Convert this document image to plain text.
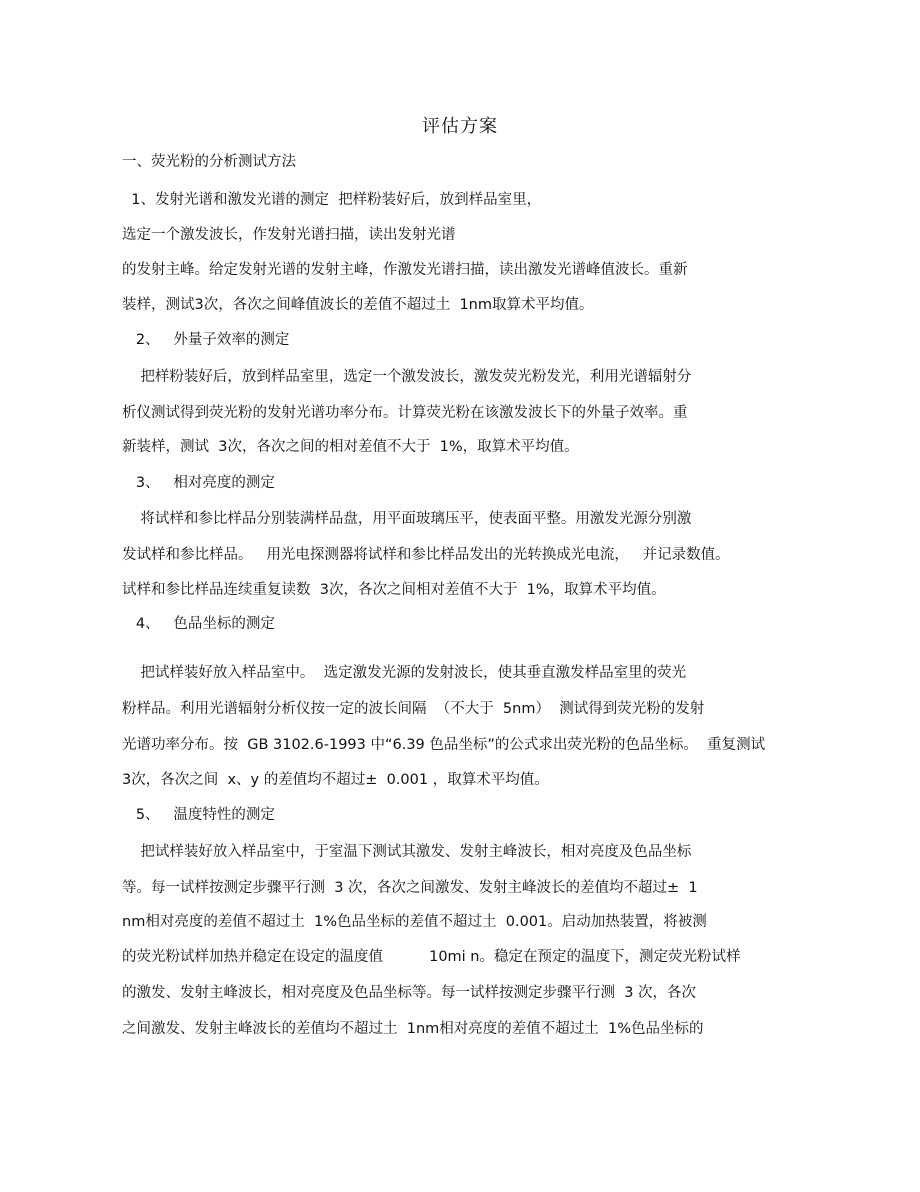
评估方案
一、荧光粉的分析测试方法
1、发射光谱和激发光谱的测定  把样粉装好后，放到样品室里，
选定一个激发波长，作发射光谱扫描，读出发射光谱
的发射主峰。给定发射光谱的发射主峰，作激发光谱扫描，读出激发光谱峰值波长。重新
装样，测试3次，各次之间峰值波长的差值不超过土  1nm取算术平均值。
2、   外量子效率的测定
把样粉装好后，放到样品室里，选定一个激发波长，激发荧光粉发光，利用光谱辐射分
析仪测试得到荧光粉的发射光谱功率分布。计算荧光粉在该激发波长下的外量子效率。重
新装样，测试  3次，各次之间的相对差值不大于  1%，取算术平均值。
3、   相对亮度的测定
将试样和参比样品分别装满样品盘，用平面玻璃压平，使表面平整。用激发光源分别激
发试样和参比样品。   用光电探测器将试样和参比样品发出的光转换成光电流，   并记录数值。
试样和参比样品连续重复读数  3次，各次之间相对差值不大于  1%，取算术平均值。
4、   色品坐标的测定
把试样装好放入样品室中。  选定激发光源的发射波长，使其垂直激发样品室里的荧光
粉样品。利用光谱辐射分析仪按一定的波长间隔  （不大于  5nm）  测试得到荧光粉的发射
光谱功率分布。按  GB 3102.6-1993 中“6.39 色品坐标”的公式求出荧光粉的色品坐标。  重复测试
3次，各次之间  x、y 的差值均不超过±  0.001 ，取算术平均值。
5、   温度特性的测定
把试样装好放入样品室中，于室温下测试其激发、发射主峰波长，相对亮度及色品坐标
等。每一试样按测定步骤平行测  3 次，各次之间激发、发射主峰波长的差值均不超过±  1
nm相对亮度的差值不超过土  1%色品坐标的差值不超过土  0.001。启动加热装置，将被测
的荧光粉试样加热并稳定在设定的温度值          10mi n。稳定在预定的温度下，测定荧光粉试样
的激发、发射主峰波长，相对亮度及色品坐标等。每一试样按测定步骤平行测  3 次，各次
之间激发、发射主峰波长的差值均不超过土  1nm相对亮度的差值不超过土  1%色品坐标的
